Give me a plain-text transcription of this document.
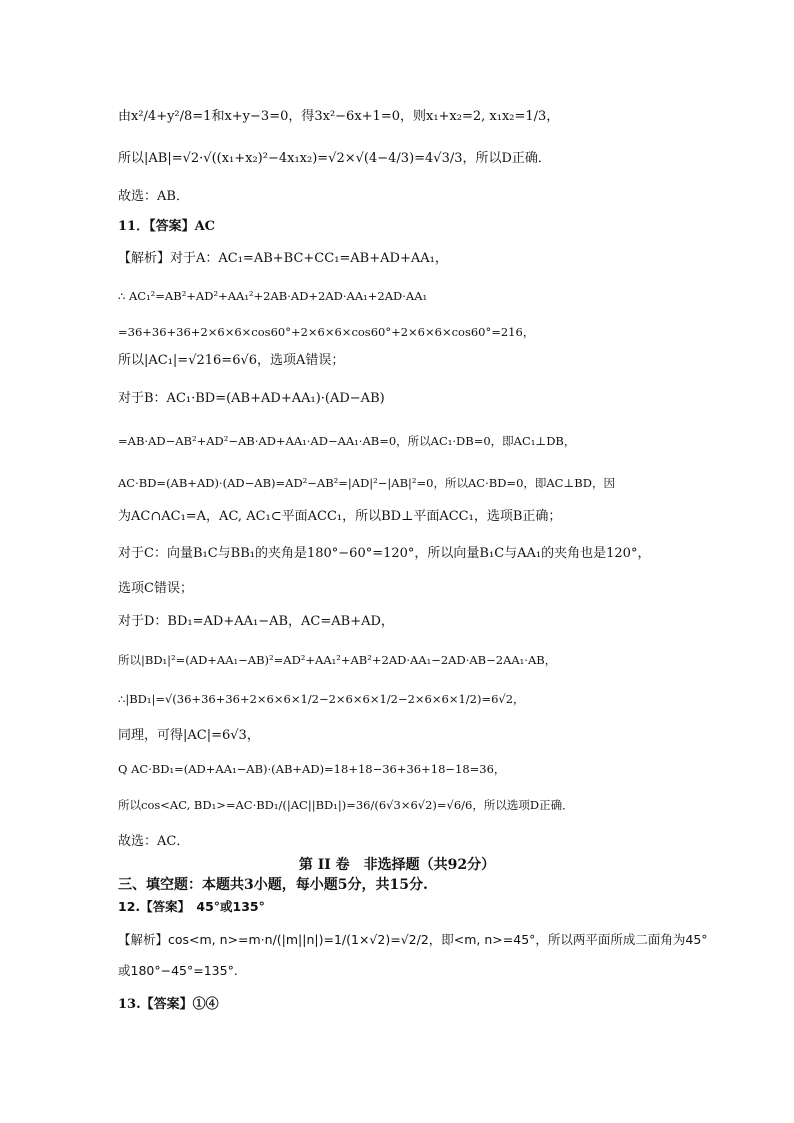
由x²/4+y²/8=1和x+y−3=0，得3x²−6x+1=0，则x₁+x₂=2, x₁x₂=1/3，
所以|AB|=√2·√((x₁+x₂)²−4x₁x₂)=√2×√(4−4/3)=4√3/3，所以D正确．
故选：AB．
11．【答案】AC
【解析】对于A：AC₁=AB+BC+CC₁=AB+AD+AA₁，
∴ AC₁²=AB²+AD²+AA₁²+2AB·AD+2AD·AA₁+2AD·AA₁
=36+36+36+2×6×6×cos60°+2×6×6×cos60°+2×6×6×cos60°=216，
所以|AC₁|=√216=6√6，选项A错误；
对于B：AC₁·BD=(AB+AD+AA₁)·(AD−AB)
=AB·AD−AB²+AD²−AB·AD+AA₁·AD−AA₁·AB=0，所以AC₁·DB=0，即AC₁⊥DB，
AC·BD=(AB+AD)·(AD−AB)=AD²−AB²=|AD|²−|AB|²=0，所以AC·BD=0，即AC⊥BD，因
为AC∩AC₁=A，AC, AC₁⊂平面ACC₁，所以BD⊥平面ACC₁，选项B正确；
对于C：向量B₁C与BB₁的夹角是180°−60°=120°，所以向量B₁C与AA₁的夹角也是120°，
选项C错误；
对于D：BD₁=AD+AA₁−AB，AC=AB+AD，
所以|BD₁|²=(AD+AA₁−AB)²=AD²+AA₁²+AB²+2AD·AA₁−2AD·AB−2AA₁·AB，
∴|BD₁|=√(36+36+36+2×6×6×1/2−2×6×6×1/2−2×6×6×1/2)=6√2，
同理，可得|AC|=6√3，
Q AC·BD₁=(AD+AA₁−AB)·(AB+AD)=18+18−36+36+18−18=36，
所以cos<AC, BD₁>=AC·BD₁/(|AC||BD₁|)=36/(6√3×6√2)=√6/6，所以选项D正确．
故选：AC．
第 II 卷　非选择题（共92分）
三、填空题：本题共3小题，每小题5分，共15分.
12.【答案】　45°或135°
【解析】cos<m, n>=m·n/(|m||n|)=1/(1×√2)=√2/2，即<m, n>=45°，所以两平面所成二面角为45°
或180°−45°=135°.
13.【答案】①④
